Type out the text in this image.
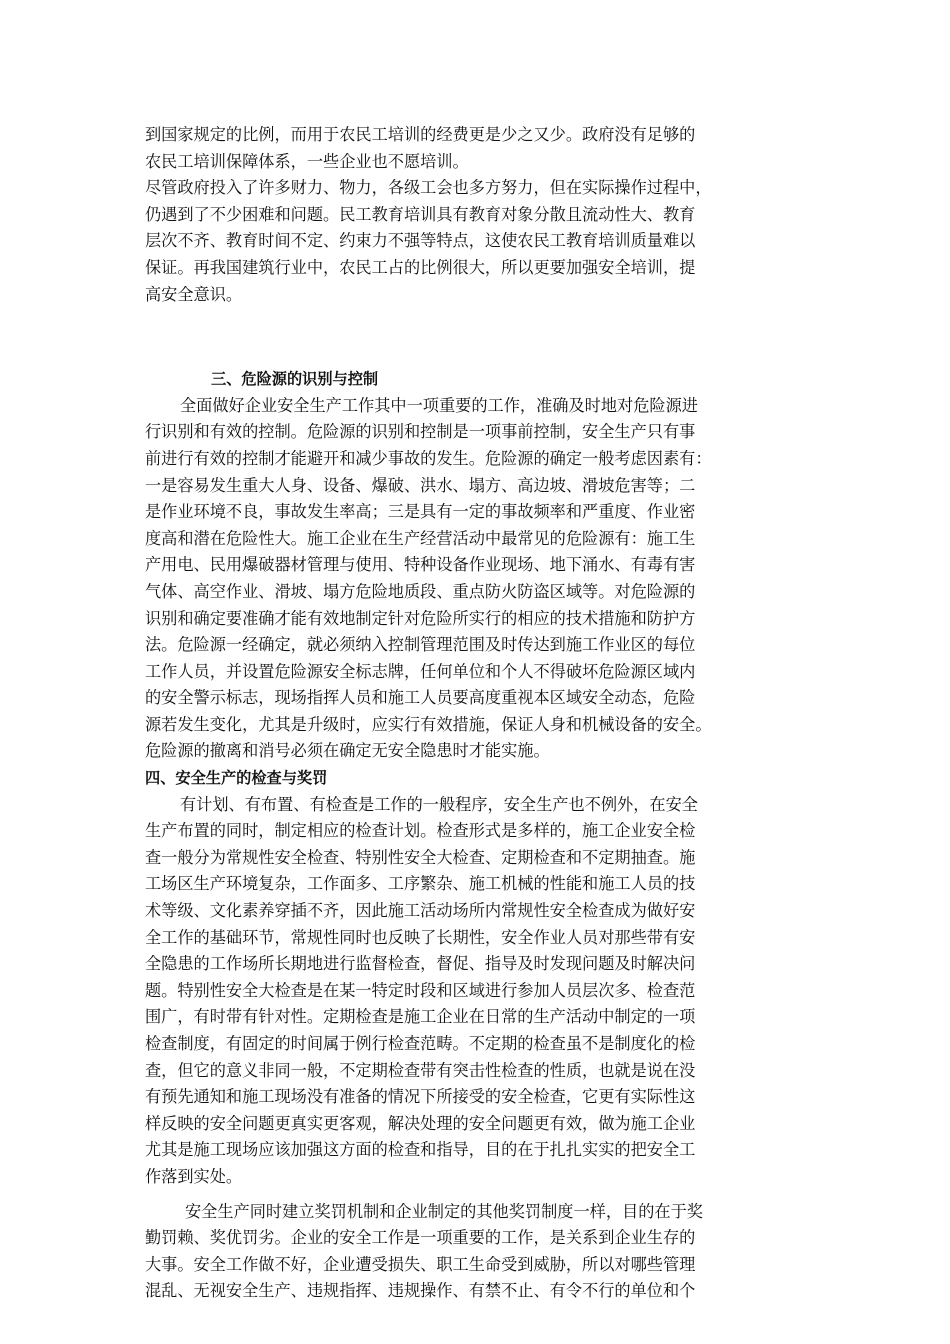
到国家规定的比例，而用于农民工培训的经费更是少之又少。政府没有足够的
农民工培训保障体系，一些企业也不愿培训。
尽管政府投入了许多财力、物力，各级工会也多方努力，但在实际操作过程中，
仍遇到了不少困难和问题。民工教育培训具有教育对象分散且流动性大、教育
层次不齐、教育时间不定、约束力不强等特点，这使农民工教育培训质量难以
保证。再我国建筑行业中，农民工占的比例很大，所以更要加强安全培训，提
高安全意识。
三、危险源的识别与控制
全面做好企业安全生产工作其中一项重要的工作，准确及时地对危险源进
行识别和有效的控制。危险源的识别和控制是一项事前控制，安全生产只有事
前进行有效的控制才能避开和减少事故的发生。危险源的确定一般考虑因素有：
一是容易发生重大人身、设备、爆破、洪水、塌方、高边坡、滑坡危害等；二
是作业环境不良，事故发生率高；三是具有一定的事故频率和严重度、作业密
度高和潜在危险性大。施工企业在生产经营活动中最常见的危险源有：施工生
产用电、民用爆破器材管理与使用、特种设备作业现场、地下涌水、有毒有害
气体、高空作业、滑坡、塌方危险地质段、重点防火防盗区域等。对危险源的
识别和确定要准确才能有效地制定针对危险所实行的相应的技术措施和防护方
法。危险源一经确定，就必须纳入控制管理范围及时传达到施工作业区的每位
工作人员，并设置危险源安全标志牌，任何单位和个人不得破坏危险源区域内
的安全警示标志，现场指挥人员和施工人员要高度重视本区域安全动态，危险
源若发生变化，尤其是升级时，应实行有效措施，保证人身和机械设备的安全。
危险源的撤离和消号必须在确定无安全隐患时才能实施。
四、安全生产的检查与奖罚
有计划、有布置、有检查是工作的一般程序，安全生产也不例外，在安全
生产布置的同时，制定相应的检查计划。检查形式是多样的，施工企业安全检
查一般分为常规性安全检查、特别性安全大检查、定期检查和不定期抽查。施
工场区生产环境复杂，工作面多、工序繁杂、施工机械的性能和施工人员的技
术等级、文化素养穿插不齐，因此施工活动场所内常规性安全检查成为做好安
全工作的基础环节，常规性同时也反映了长期性，安全作业人员对那些带有安
全隐患的工作场所长期地进行监督检查，督促、指导及时发现问题及时解决问
题。特别性安全大检查是在某一特定时段和区域进行参加人员层次多、检查范
围广，有时带有针对性。定期检查是施工企业在日常的生产活动中制定的一项
检查制度，有固定的时间属于例行检查范畴。不定期的检查虽不是制度化的检
查，但它的意义非同一般，不定期检查带有突击性检查的性质，也就是说在没
有预先通知和施工现场没有准备的情况下所接受的安全检查，它更有实际性这
样反映的安全问题更真实更客观，解决处理的安全问题更有效，做为施工企业
尤其是施工现场应该加强这方面的检查和指导，目的在于扎扎实实的把安全工
作落到实处。
安全生产同时建立奖罚机制和企业制定的其他奖罚制度一样，目的在于奖
勤罚赖、奖优罚劣。企业的安全工作是一项重要的工作，是关系到企业生存的
大事。安全工作做不好，企业遭受损失、职工生命受到威胁，所以对哪些管理
混乱、无视安全生产、违规指挥、违规操作、有禁不止、有令不行的单位和个
